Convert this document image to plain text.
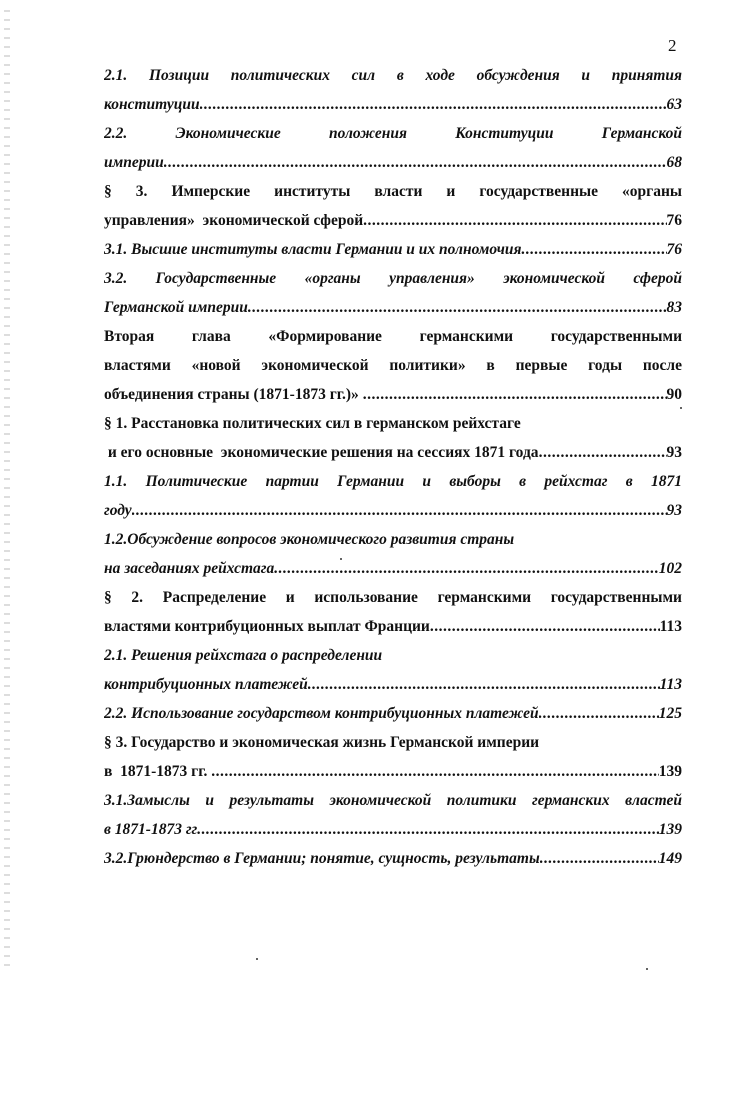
2
2.1. Позиции политических сил в ходе обсуждения и принятия
конституции .....	63
2.2. Экономические положения Конституции Германской
империи .....	68
§ 3. Имперские институты власти и государственные «органы
управления»  экономической сферой .....	76
3.1. Высшие институты власти Германии и их полномочия .....	76
3.2. Государственные «органы управления» экономической сферой
Германской империи .....	83
Вторая глава «Формирование германскими государственными
властями «новой экономической политики» в первые годы после
объединения страны (1871-1873 гг.)» .....	90
§ 1. Расстановка политических сил в германском рейхстаге
и его основные  экономические решения на сессиях 1871 года .....	93
1.1. Политические партии Германии и выборы в рейхстаг в 1871
году .....	93
1.2.Обсуждение вопросов экономического развития страны
на заседаниях рейхстага .....	102
§ 2. Распределение и использование германскими государственными
властями контрибуционных выплат Франции .....	113
2.1. Решения рейхстага о распределении
контрибуционных платежей .....	113
2.2. Использование государством контрибуционных платежей .....	125
§ 3. Государство и экономическая жизнь Германской империи
в  1871-1873 гг. .....	139
3.1.Замыслы и результаты экономической политики германских властей
в 1871-1873 гг .....	139
3.2.Грюндерство в Германии; понятие, сущность, результаты .....	149
